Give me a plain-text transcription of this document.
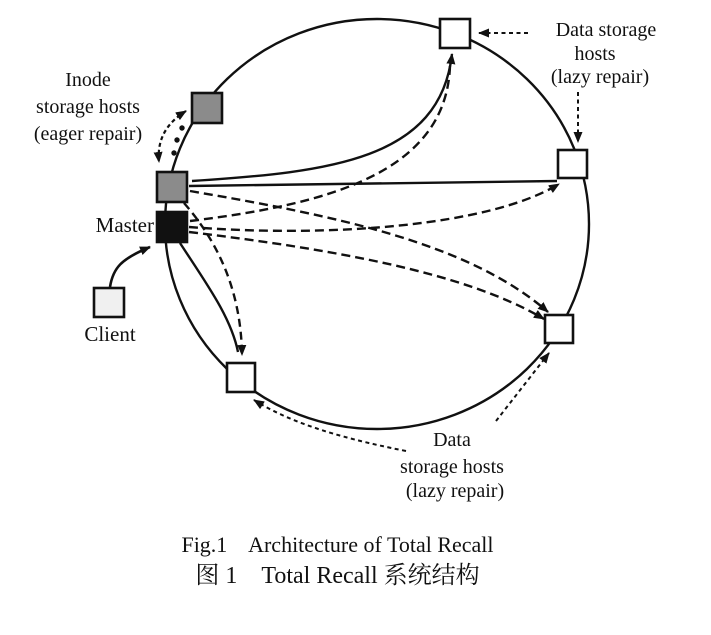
Inode
storage hosts
(eager repair)
Master
Client
Data storage
hosts
(lazy repair)
Data
storage hosts
(lazy repair)
Fig.1    Architecture of Total Recall
图 1    Total Recall 系统结构
